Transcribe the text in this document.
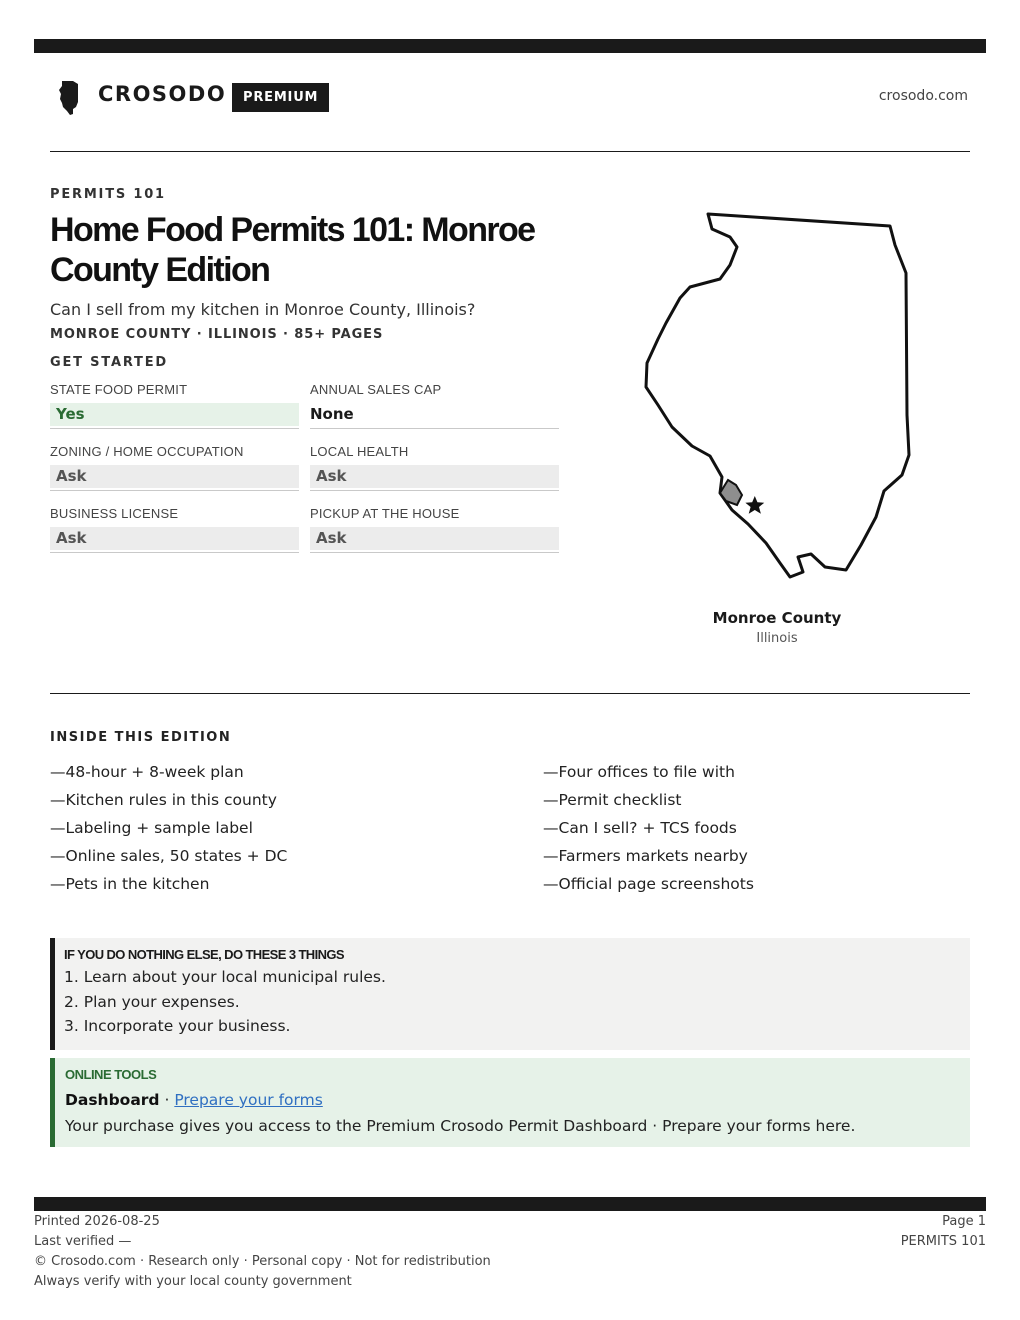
CROSODO	PREMIUM	crosodo.com
PERMITS 101
Home Food Permits 101: Monroe County Edition
Can I sell from my kitchen in Monroe County, Illinois?
MONROE COUNTY · ILLINOIS · 85+ PAGES
GET STARTED
STATE FOOD PERMIT
Yes
ANNUAL SALES CAP
None
ZONING / HOME OCCUPATION
Ask
LOCAL HEALTH
Ask
BUSINESS LICENSE
Ask
PICKUP AT THE HOUSE
Ask
Monroe County
Illinois
INSIDE THIS EDITION
—48-hour + 8-week plan
—Kitchen rules in this county
—Labeling + sample label
—Online sales, 50 states + DC
—Pets in the kitchen
—Four offices to file with
—Permit checklist
—Can I sell? + TCS foods
—Farmers markets nearby
—Official page screenshots
IF YOU DO NOTHING ELSE, DO THESE 3 THINGS
1. Learn about your local municipal rules.
2. Plan your expenses.
3. Incorporate your business.
ONLINE TOOLS
Dashboard · Prepare your forms
Your purchase gives you access to the Premium Crosodo Permit Dashboard · Prepare your forms here.
Printed 2026-08-25
Last verified —
© Crosodo.com · Research only · Personal copy · Not for redistribution
Always verify with your local county government
Page 1
PERMITS 101
